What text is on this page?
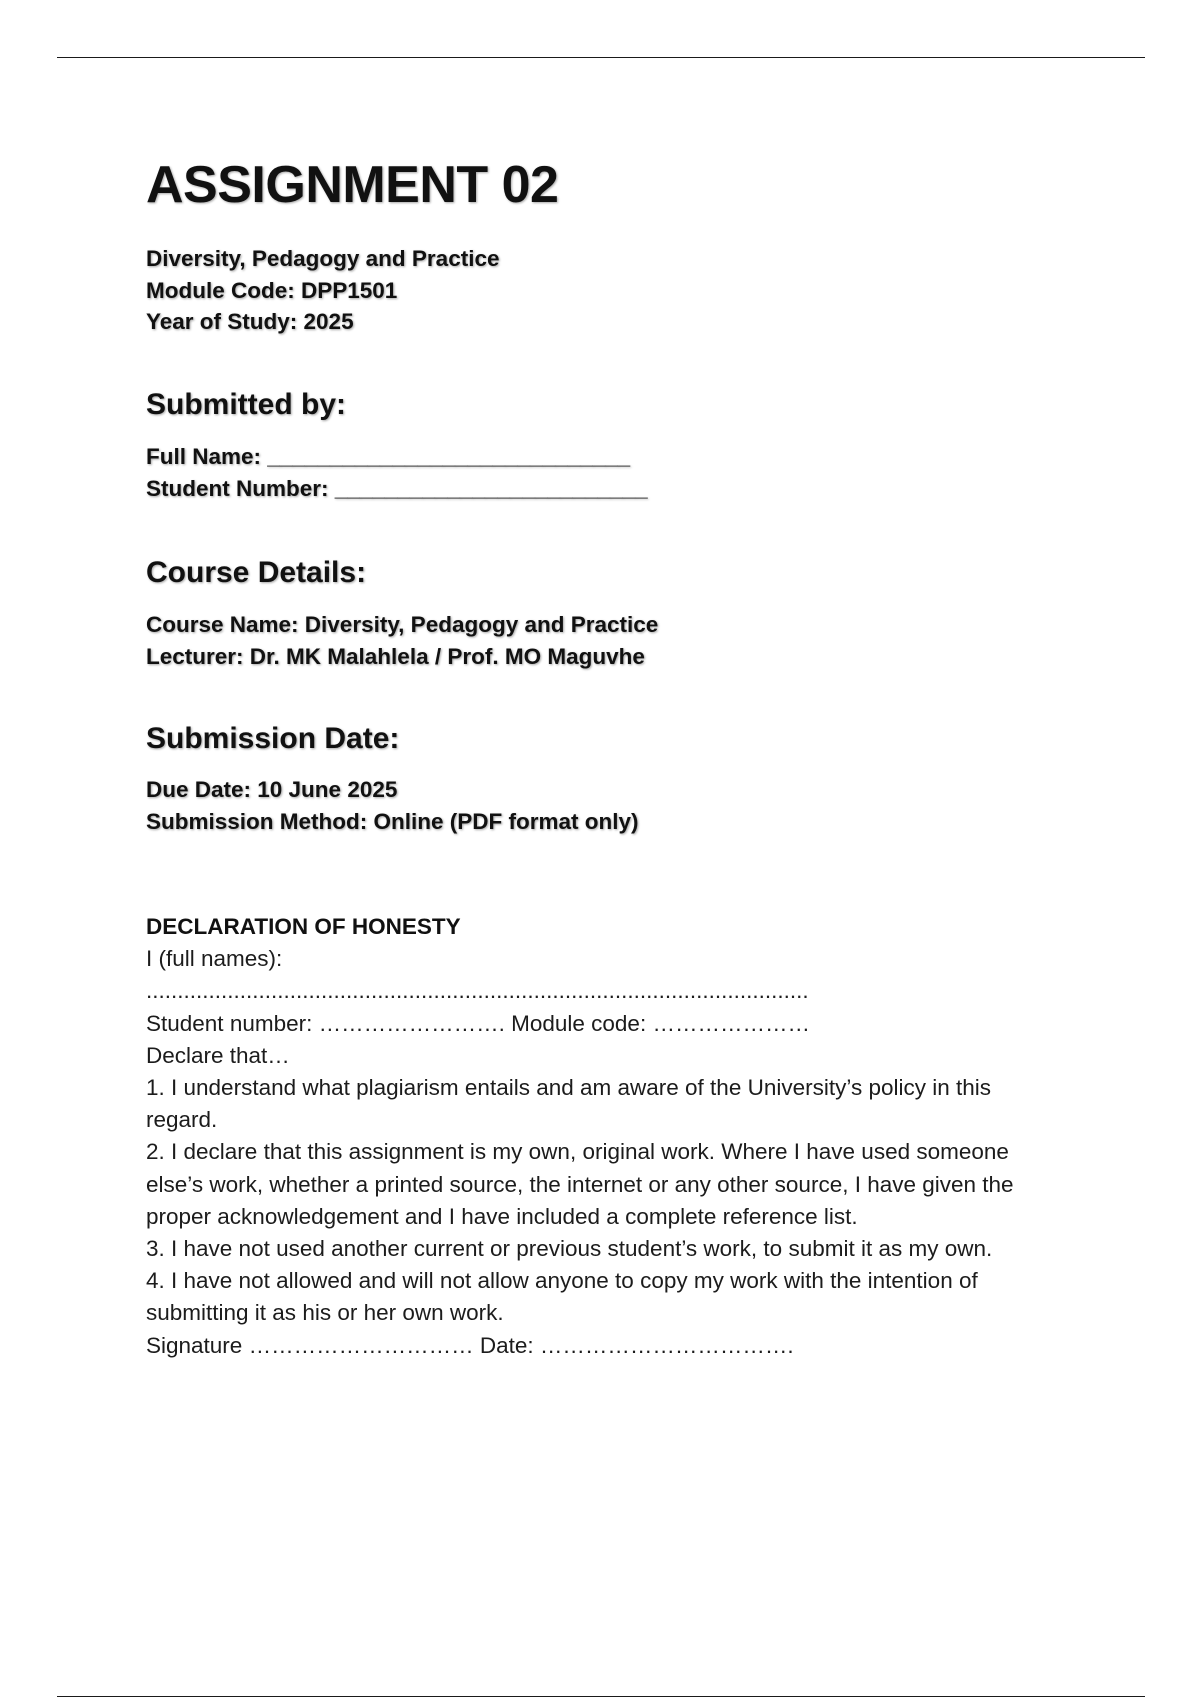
ASSIGNMENT 02
Diversity, Pedagogy and Practice
Module Code: DPP1501
Year of Study: 2025
Submitted by:
Full Name: _____________________________
Student Number: _________________________
Course Details:
Course Name: Diversity, Pedagogy and Practice
Lecturer: Dr. MK Malahlela / Prof. MO Maguvhe
Submission Date:
Due Date: 10 June 2025
Submission Method: Online (PDF format only)
DECLARATION OF HONESTY
I (full names):
..........................................................................................................
Student number: ……………………. Module code: …………………
Declare that…
1. I understand what plagiarism entails and am aware of the University’s policy in this regard.
2. I declare that this assignment is my own, original work. Where I have used someone else’s work, whether a printed source, the internet or any other source, I have given the proper acknowledgement and I have included a complete reference list.
3. I have not used another current or previous student’s work, to submit it as my own.
4. I have not allowed and will not allow anyone to copy my work with the intention of submitting it as his or her own work.
Signature ………………………… Date: …………………………….
